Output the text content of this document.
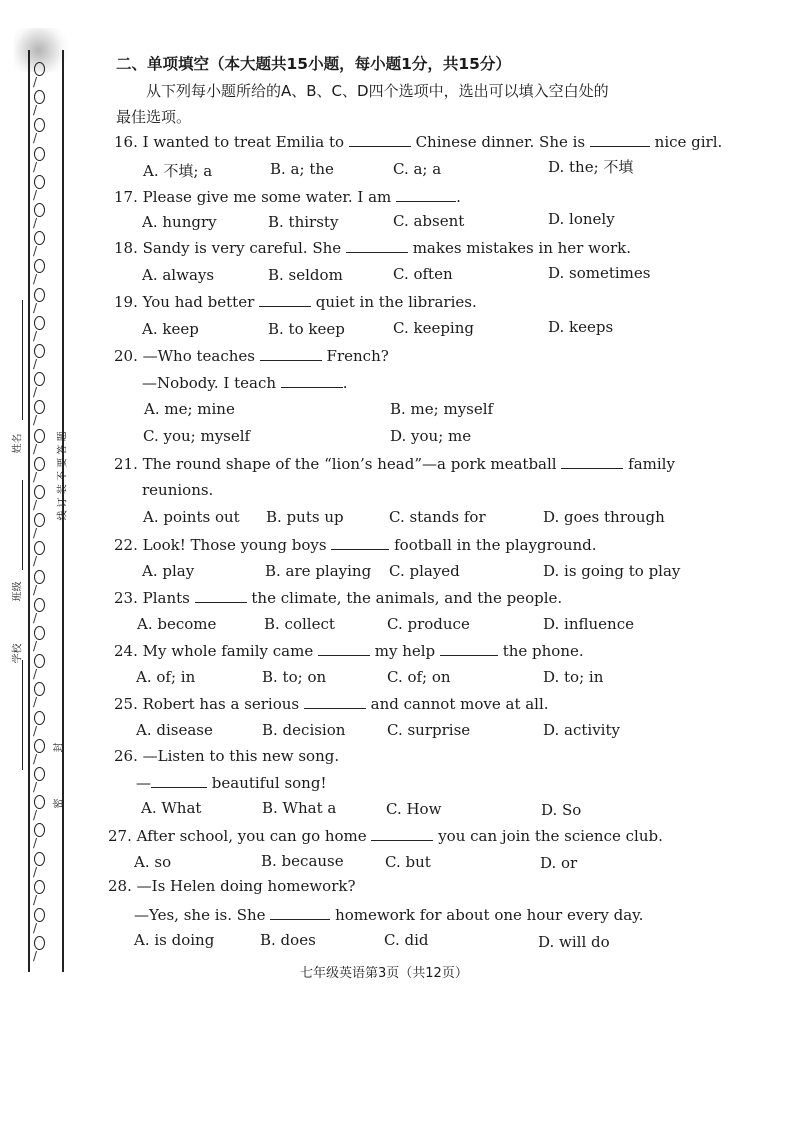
/
/
/
/
/
/
/
/
/
/
/
/
/
/
/
/
/
/
/
/
/
/
/
/
/
/
/
/
/
/
/
/
姓名
班级
学校
线 订 装 不 要 答 题
封
密
二、单项填空（本大题共15小题，每小题1分，共15分）
从下列每小题所给的A、B、C、D四个选项中，选出可以填入空白处的
最佳选项。
16. I wanted to treat Emilia to	Chinese dinner. She is	nice girl.
A. 不填; a	B. a; the	C. a; a	D. the; 不填
17. Please give me some water. I am	.
A. hungry	B. thirsty	C. absent	D. lonely
18. Sandy is very careful. She	makes mistakes in her work.
A. always	B. seldom	C. often	D. sometimes
19. You had better	quiet in the libraries.
A. keep	B. to keep	C. keeping	D. keeps
20. —Who teaches	French?
—Nobody. I teach	.
A. me; mine	B. me; myself
C. you; myself	D. you; me
21. The round shape of the “lion’s head”—a pork meatball	family
reunions.
A. points out B. puts up	C. stands for	D. goes through
22. Look! Those young boys	football in the playground.
A. play	B. are playing C. played	D. is going to play
23. Plants	the climate, the animals, and the people.
A. become	B. collect	C. produce	D. influence
24. My whole family came	my help	the phone.
A. of; in	B. to; on	C. of; on	D. to; in
25. Robert has a serious	and cannot move at all.
A. disease	B. decision	C. surprise	D. activity
26. —Listen to this new song.
—	beautiful song!
A. What	B. What a	C. How	D. So
27. After school, you can go home	you can join the science club.
A. so	B. because	C. but	D. or
28. —Is Helen doing homework?
—Yes, she is. She	homework for about one hour every day.
A. is doing	B. does	C. did	D. will do
七年级英语第3页（共12页）
